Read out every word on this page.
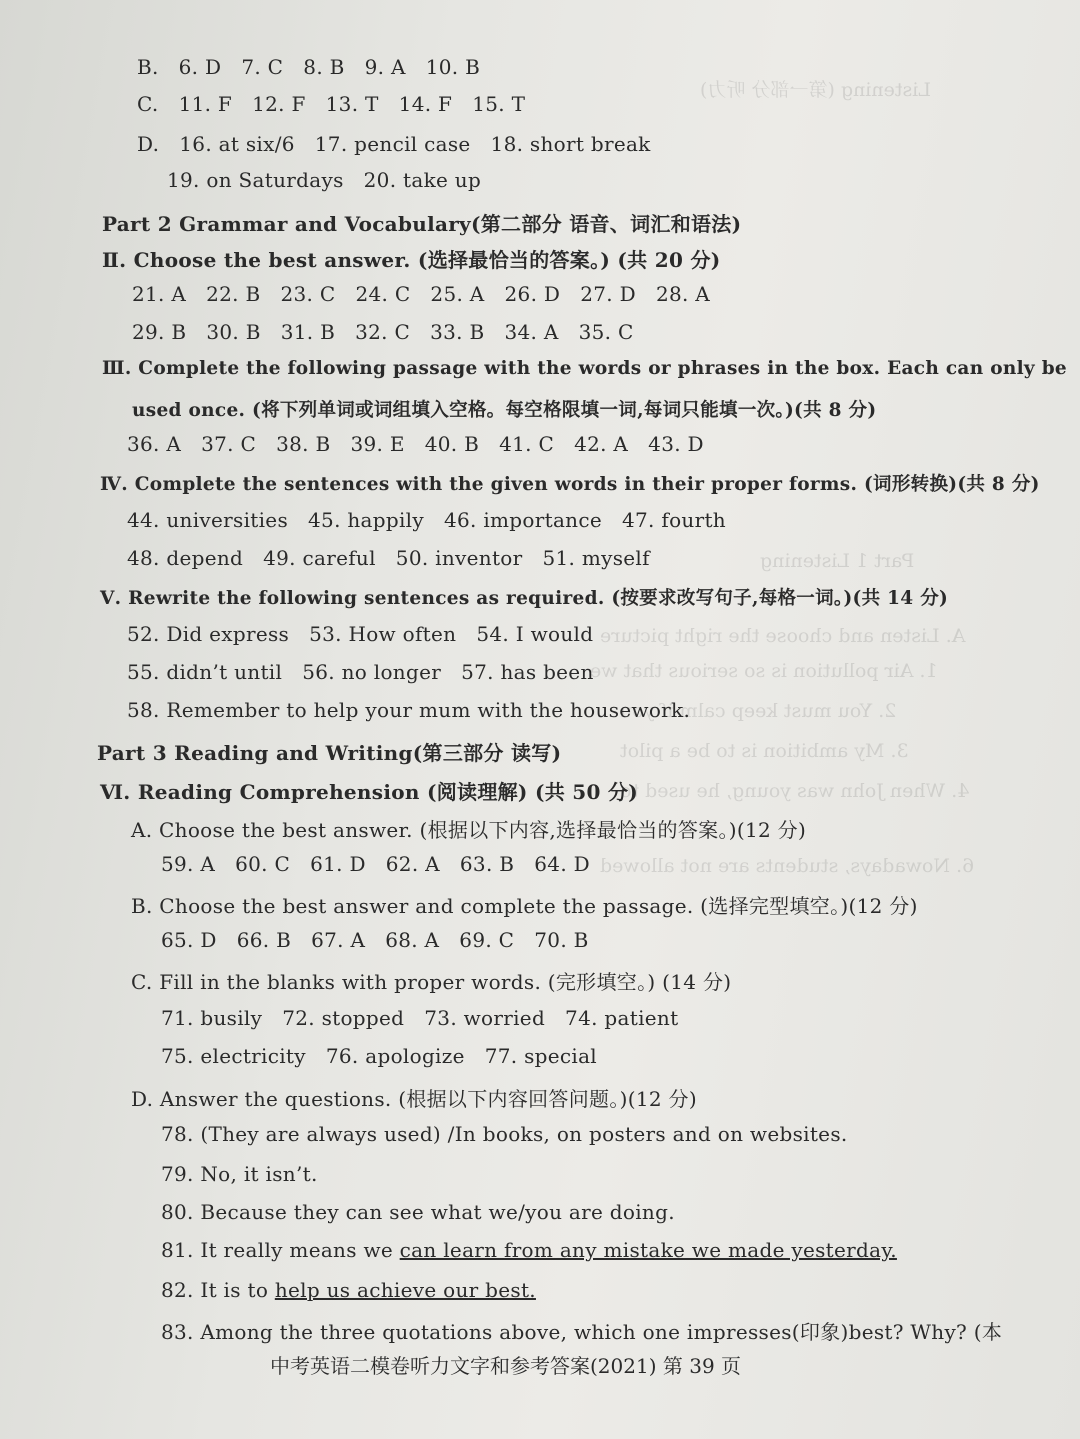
Listening (第一部分 听力)
Part 1 Listening
A. Listen and choose the right picture
1. Air pollution is so serious that we
2. You must keep calm if you
3. My ambition is to be a pilot
4. When John was young, he used to
6. Nowadays, students are not allowed
B. 6. D 7. C 8. B 9. A 10. B
C. 11. F 12. F 13. T 14. F 15. T
D. 16. at six/6 17. pencil case 18. short break
19. on Saturdays 20. take up
Part 2 Grammar and Vocabulary(第二部分 语音、词汇和语法)
Ⅱ. Choose the best answer. (选择最恰当的答案。) (共 20 分)
21. A 22. B 23. C 24. C 25. A 26. D 27. D 28. A
29. B 30. B 31. B 32. C 33. B 34. A 35. C
Ⅲ. Complete the following passage with the words or phrases in the box. Each can only be
used once. (将下列单词或词组填入空格。每空格限填一词,每词只能填一次。)(共 8 分)
36. A 37. C 38. B 39. E 40. B 41. C 42. A 43. D
Ⅳ. Complete the sentences with the given words in their proper forms. (词形转换)(共 8 分)
44. universities 45. happily 46. importance 47. fourth
48. depend 49. careful 50. inventor 51. myself
Ⅴ. Rewrite the following sentences as required. (按要求改写句子,每格一词。)(共 14 分)
52. Did express 53. How often 54. I would
55. didn’t until 56. no longer 57. has been
58. Remember to help your mum with the housework.
Part 3 Reading and Writing(第三部分 读写)
Ⅵ. Reading Comprehension (阅读理解) (共 50 分)
A. Choose the best answer. (根据以下内容,选择最恰当的答案。)(12 分)
59. A 60. C 61. D 62. A 63. B 64. D
B. Choose the best answer and complete the passage. (选择完型填空。)(12 分)
65. D 66. B 67. A 68. A 69. C 70. B
C. Fill in the blanks with proper words. (完形填空。) (14 分)
71. busily 72. stopped 73. worried 74. patient
75. electricity 76. apologize 77. special
D. Answer the questions. (根据以下内容回答问题。)(12 分)
78. (They are always used) /In books, on posters and on websites.
79. No, it isn’t.
80. Because they can see what we/you are doing.
81. It really means we can learn from any mistake we made yesterday.
82. It is to help us achieve our best.
83. Among the three quotations above, which one impresses(印象)best? Why? (本
中考英语二模卷听力文字和参考答案(2021) 第 39 页
